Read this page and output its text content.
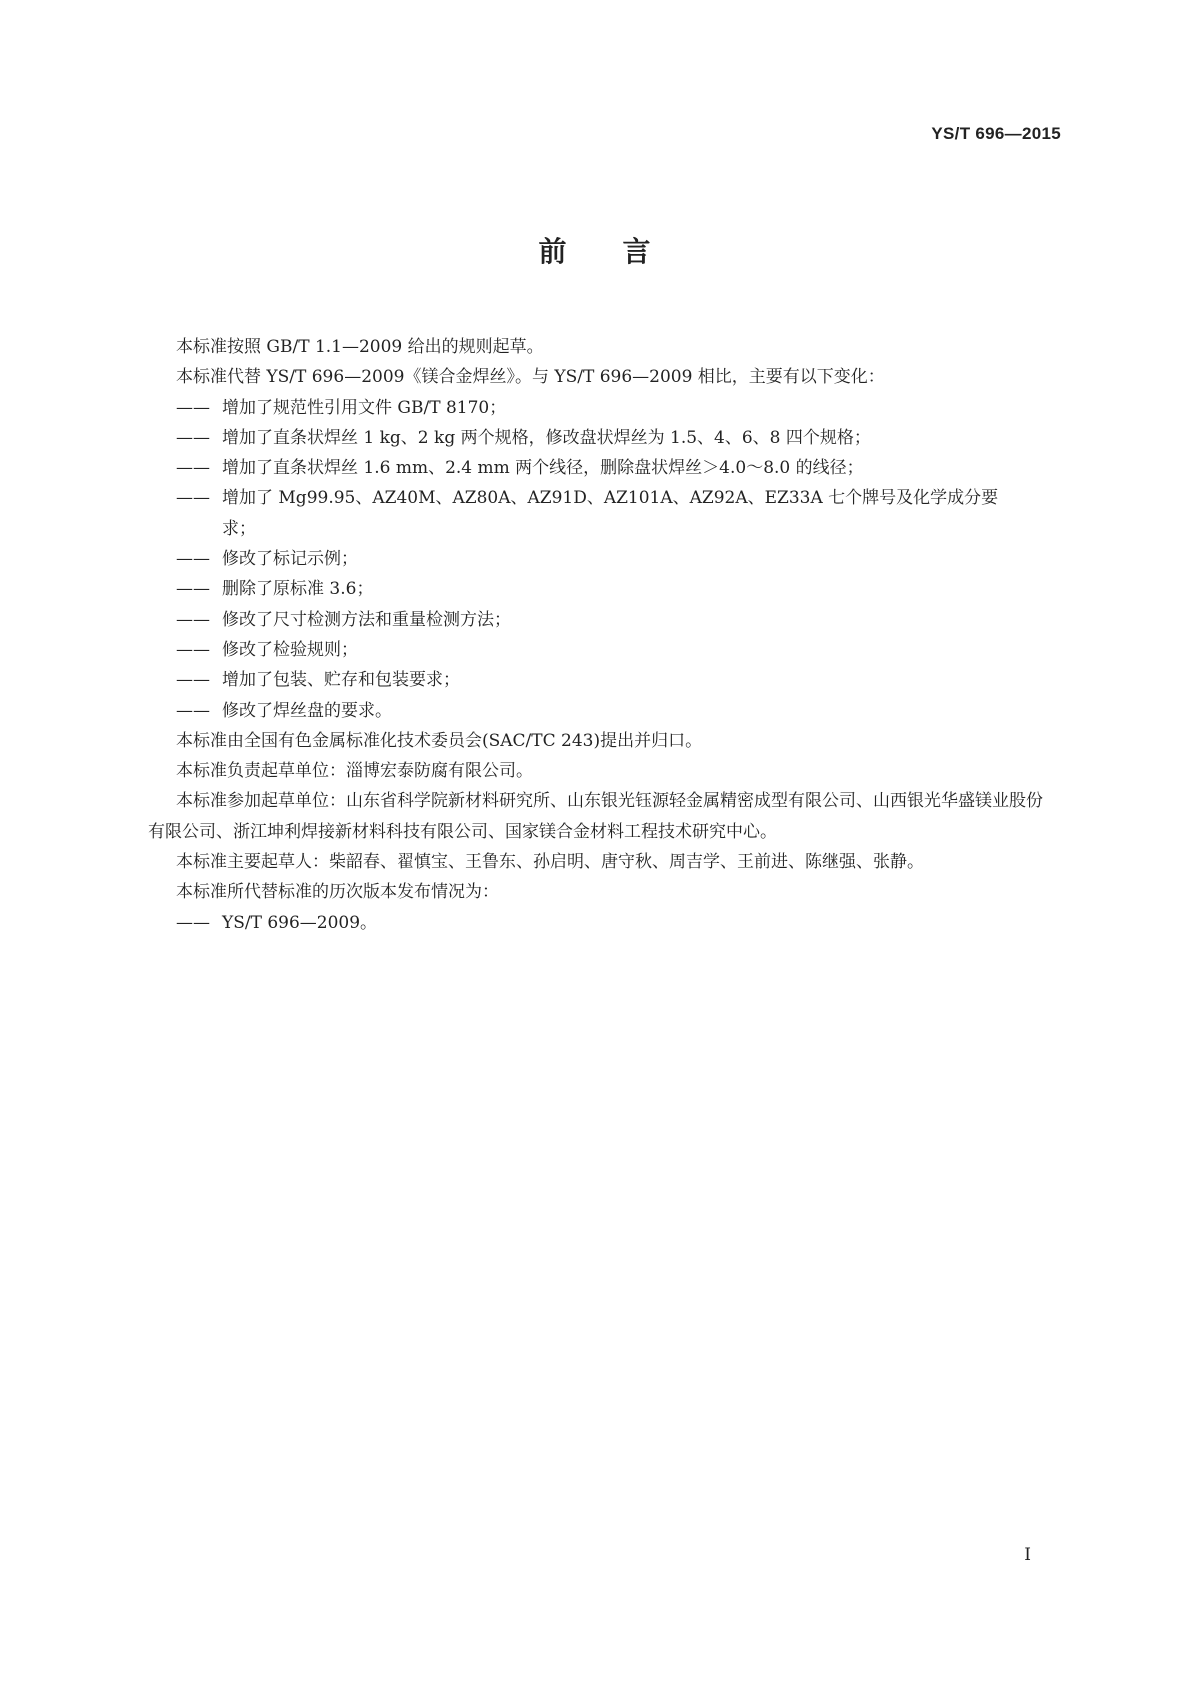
YS/T 696—2015
前 言
本标准按照 GB/T 1.1—2009 给出的规则起草。
本标准代替 YS/T 696—2009《镁合金焊丝》。与 YS/T 696—2009 相比，主要有以下变化：
—— 增加了规范性引用文件 GB/T 8170；
—— 增加了直条状焊丝 1 kg、2 kg 两个规格，修改盘状焊丝为 1.5、4、6、8 四个规格；
—— 增加了直条状焊丝 1.6 mm、2.4 mm 两个线径，删除盘状焊丝＞4.0～8.0 的线径；
—— 增加了 Mg99.95、AZ40M、AZ80A、AZ91D、AZ101A、AZ92A、EZ33A 七个牌号及化学成分要求；
—— 修改了标记示例；
—— 删除了原标准 3.6；
—— 修改了尺寸检测方法和重量检测方法；
—— 修改了检验规则；
—— 增加了包装、贮存和包装要求；
—— 修改了焊丝盘的要求。
本标准由全国有色金属标准化技术委员会(SAC/TC 243)提出并归口。
本标准负责起草单位：淄博宏泰防腐有限公司。
本标准参加起草单位：山东省科学院新材料研究所、山东银光钰源轻金属精密成型有限公司、山西银光华盛镁业股份有限公司、浙江坤利焊接新材料科技有限公司、国家镁合金材料工程技术研究中心。
本标准主要起草人：柴韶春、翟慎宝、王鲁东、孙启明、唐守秋、周吉学、王前进、陈继强、张静。
本标准所代替标准的历次版本发布情况为：
—— YS/T 696—2009。
I
